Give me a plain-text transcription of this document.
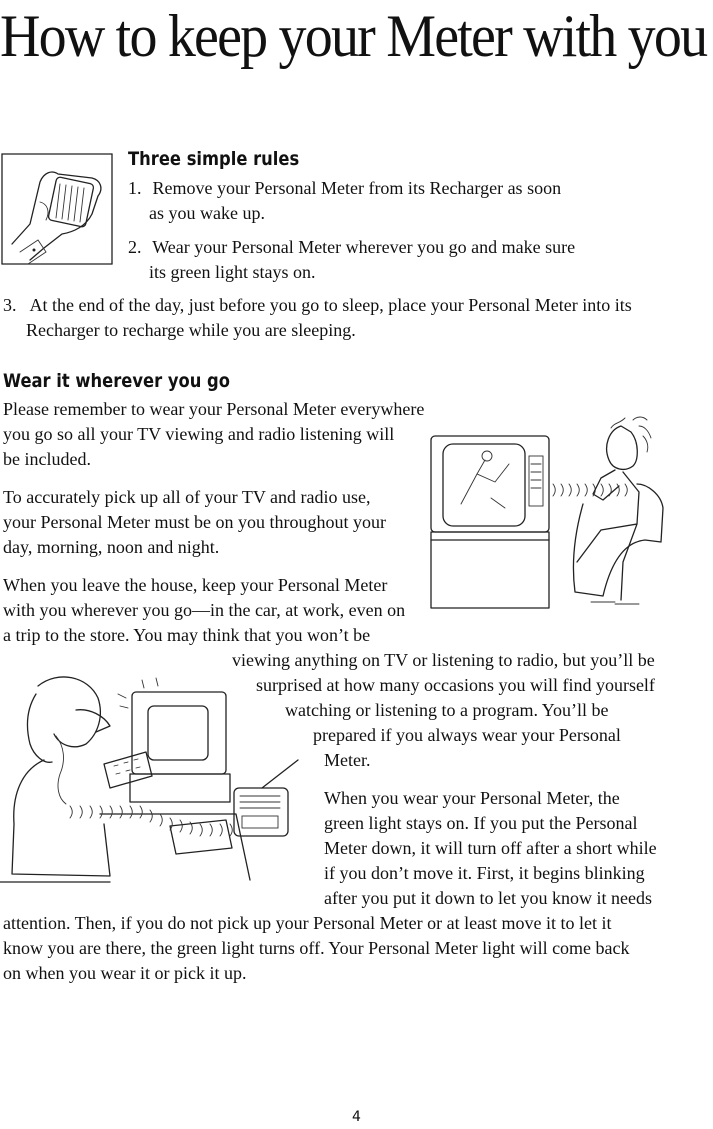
How to keep your Meter with you
Three simple rules
1. Remove your Personal Meter from its Recharger as soon
as you wake up.
2. Wear your Personal Meter wherever you go and make sure
its green light stays on.
3. At the end of the day, just before you go to sleep, place your Personal Meter into its
Recharger to recharge while you are sleeping.
Wear it wherever you go
Please remember to wear your Personal Meter everywhere
you go so all your TV viewing and radio listening will
be included.
To accurately pick up all of your TV and radio use,
your Personal Meter must be on you throughout your
day, morning, noon and night.
When you leave the house, keep your Personal Meter
with you wherever you go—in the car, at work, even on
a trip to the store. You may think that you won’t be
viewing anything on TV or listening to radio, but you’ll be
surprised at how many occasions you will find yourself
watching or listening to a program. You’ll be
prepared if you always wear your Personal
Meter.
When you wear your Personal Meter, the
green light stays on. If you put the Personal
Meter down, it will turn off after a short while
if you don’t move it. First, it begins blinking
after you put it down to let you know it needs
attention. Then, if you do not pick up your Personal Meter or at least move it to let it
know you are there, the green light turns off. Your Personal Meter light will come back
on when you wear it or pick it up.
4
